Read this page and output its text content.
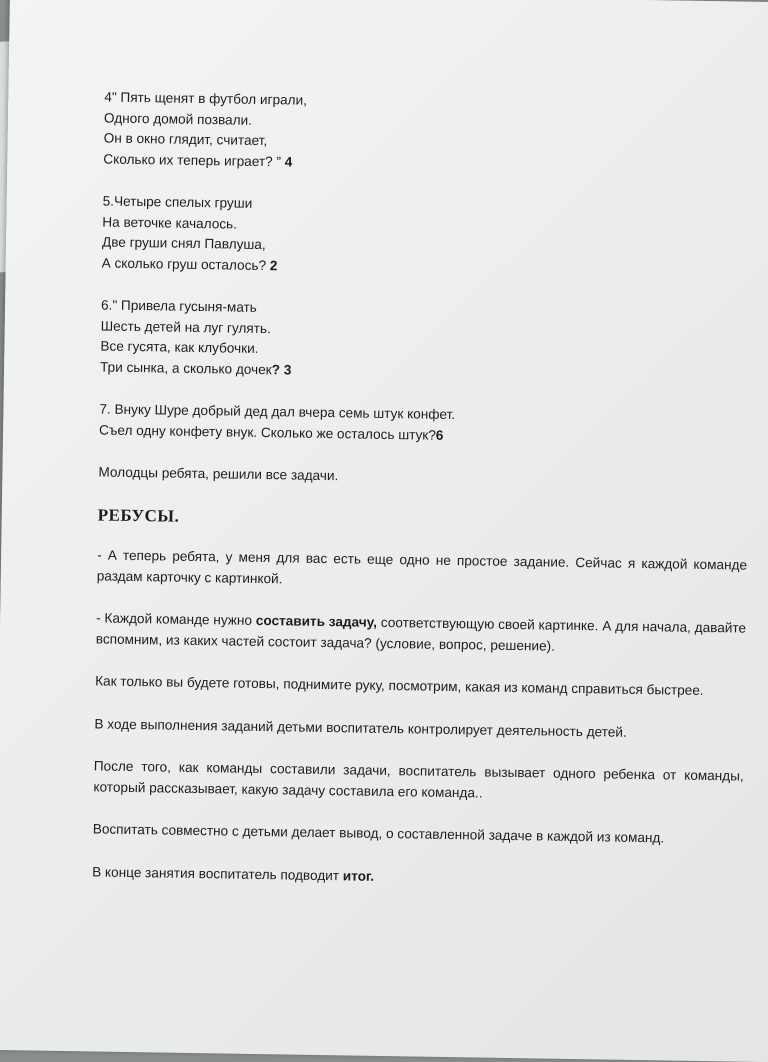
4" Пять щенят в футбол играли,

Одного домой позвали.

Он в окно глядит, считает,

Сколько их теперь играет? ” 4

5.Четыре спелых груши

На веточке качалось.

Две груши снял Павлуша,

А сколько груш осталось? 2

6." Привела гусыня-мать

Шесть детей на луг гулять.

Все гусята, как клубочки.

Три сынка, а сколько дочек? 3

7. Внуку Шуре добрый дед дал вчера семь штук конфет.

Съел одну конфету внук. Сколько же осталось штук?6

Молодцы ребята, решили все задачи.

РЕБУСЫ.

- А теперь ребята, у меня для вас есть еще одно не простое задание. Сейчас я каждой команде раздам карточку с картинкой.

- Каждой команде нужно составить задачу, соответствующую своей картинке. А для начала, давайте вспомним, из каких частей состоит задача? (условие, вопрос, решение).

Как только вы будете готовы, поднимите руку, посмотрим, какая из команд справиться быстрее.

В ходе выполнения заданий детьми воспитатель контролирует деятельность детей.

После того, как команды составили задачи, воспитатель вызывает одного ребенка от команды, который рассказывает, какую задачу составила его команда..

Воспитать совместно с детьми делает вывод, о составленной задаче в каждой из команд.

В конце занятия воспитатель подводит итог.
